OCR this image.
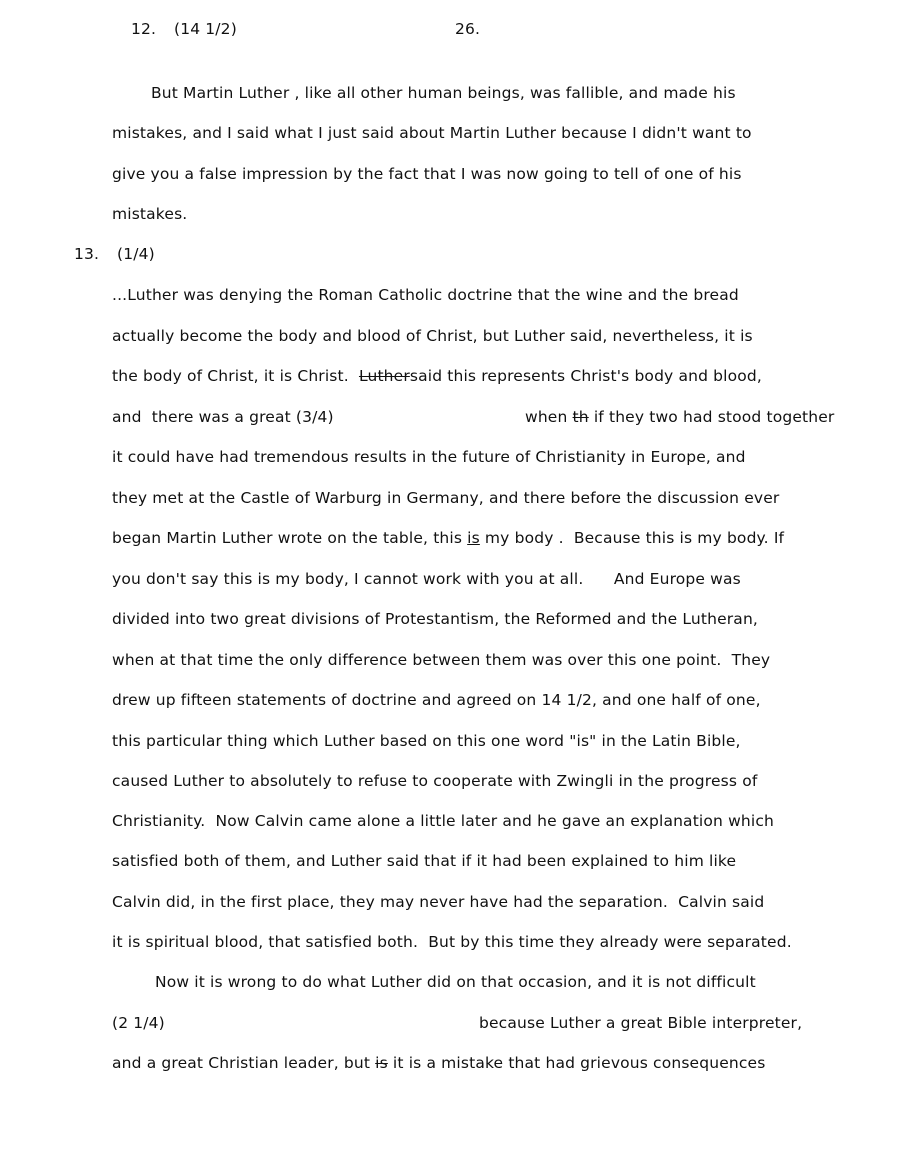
12. (14 1/2)	26.
But Martin Luther , like all other human beings, was fallible, and made his
mistakes, and I said what I just said about Martin Luther because I didn't want to
give you a false impression by the fact that I was now going to tell of one of his
mistakes.
13. (1/4)
...Luther was denying the Roman Catholic doctrine that the wine and the bread
actually become the body and blood of Christ, but Luther said, nevertheless, it is
the body of Christ, it is Christ.  Luthersaid this represents Christ's body and blood,
and  there was a great (3/4)	when th if they two had stood together
it could have had tremendous results in the future of Christianity in Europe, and
they met at the Castle of Warburg in Germany, and there before the discussion ever
began Martin Luther wrote on the table, this is my body .  Because this is my body. If
you don't say this is my body, I cannot work with you at all.      And Europe was
divided into two great divisions of Protestantism, the Reformed and the Lutheran,
when at that time the only difference between them was over this one point.  They
drew up fifteen statements of doctrine and agreed on 14 1/2, and one half of one,
this particular thing which Luther based on this one word "is" in the Latin Bible,
caused Luther to absolutely to refuse to cooperate with Zwingli in the progress of
Christianity.  Now Calvin came alone a little later and he gave an explanation which
satisfied both of them, and Luther said that if it had been explained to him like
Calvin did, in the first place, they may never have had the separation.  Calvin said
it is spiritual blood, that satisfied both.  But by this time they already were separated.
Now it is wrong to do what Luther did on that occasion, and it is not difficult
(2 1/4)	because Luther a great Bible interpreter,
and a great Christian leader, but is it is a mistake that had grievous consequences
